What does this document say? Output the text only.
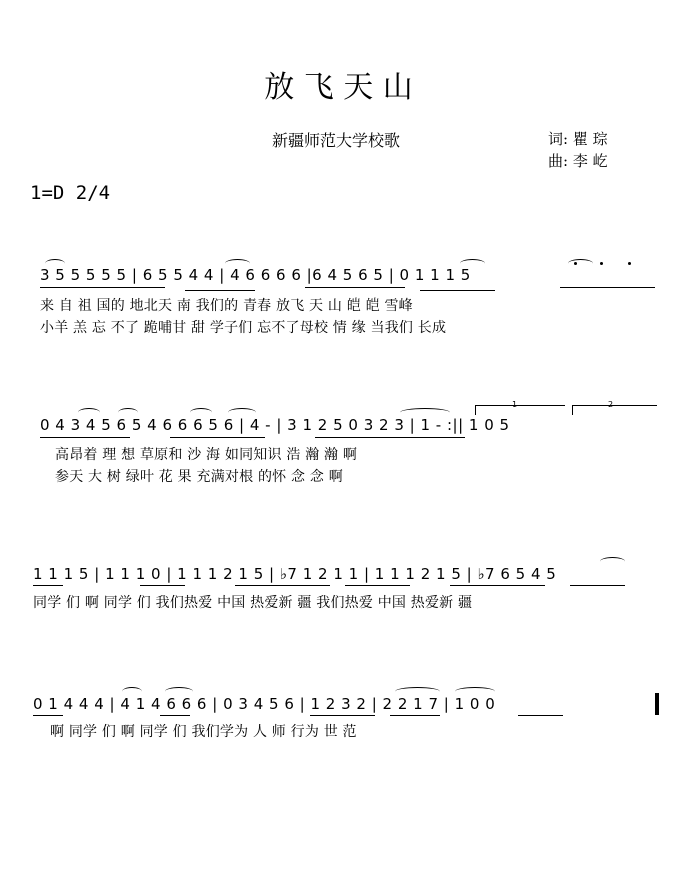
放 飞 天 山
新疆师范大学校歌	词: 瞿 琮
曲: 李 屹
1=D 2/4
3 5 5 5 5 5 | 6 5 5 4 4 | 4 6 6 6 6 |6 4 5 6 5 | 0 1 1 1 5
来 自 祖 国的 地北天 南 我们的 青春 放飞 天 山 皑 皑 雪峰
小羊 羔 忘 不了 跪哺甘 甜 学子们 忘不了母校 情 缘 当我们 长成
0 4 3 4 5 6 5 4 6 6 6 5 6 | 4 - | 3 1 2 5 0 3 2 3 | 1 - :|| 1 0 5
高昂着 理 想 草原和 沙 海 如同知识 浩 瀚 瀚 啊
参天 大 树 绿叶 花 果 充满对根 的怀 念 念 啊
1	2
1 1 1 5 | 1 1 1 0 | 1 1 1 2 1 5 | ♭7 1 2 1 1 | 1 1 1 2 1 5 | ♭7 6 5 4 5
同学 们 啊 同学 们 我们热爱 中国 热爱新 疆 我们热爱 中国 热爱新 疆
0 1 4 4 4 | 4 1 4 6 6 6 | 0 3 4 5 6 | 1 2 3 2 | 2 2 1 7 | 1 0 0
啊 同学 们 啊 同学 们 我们学为 人 师 行为 世 范
